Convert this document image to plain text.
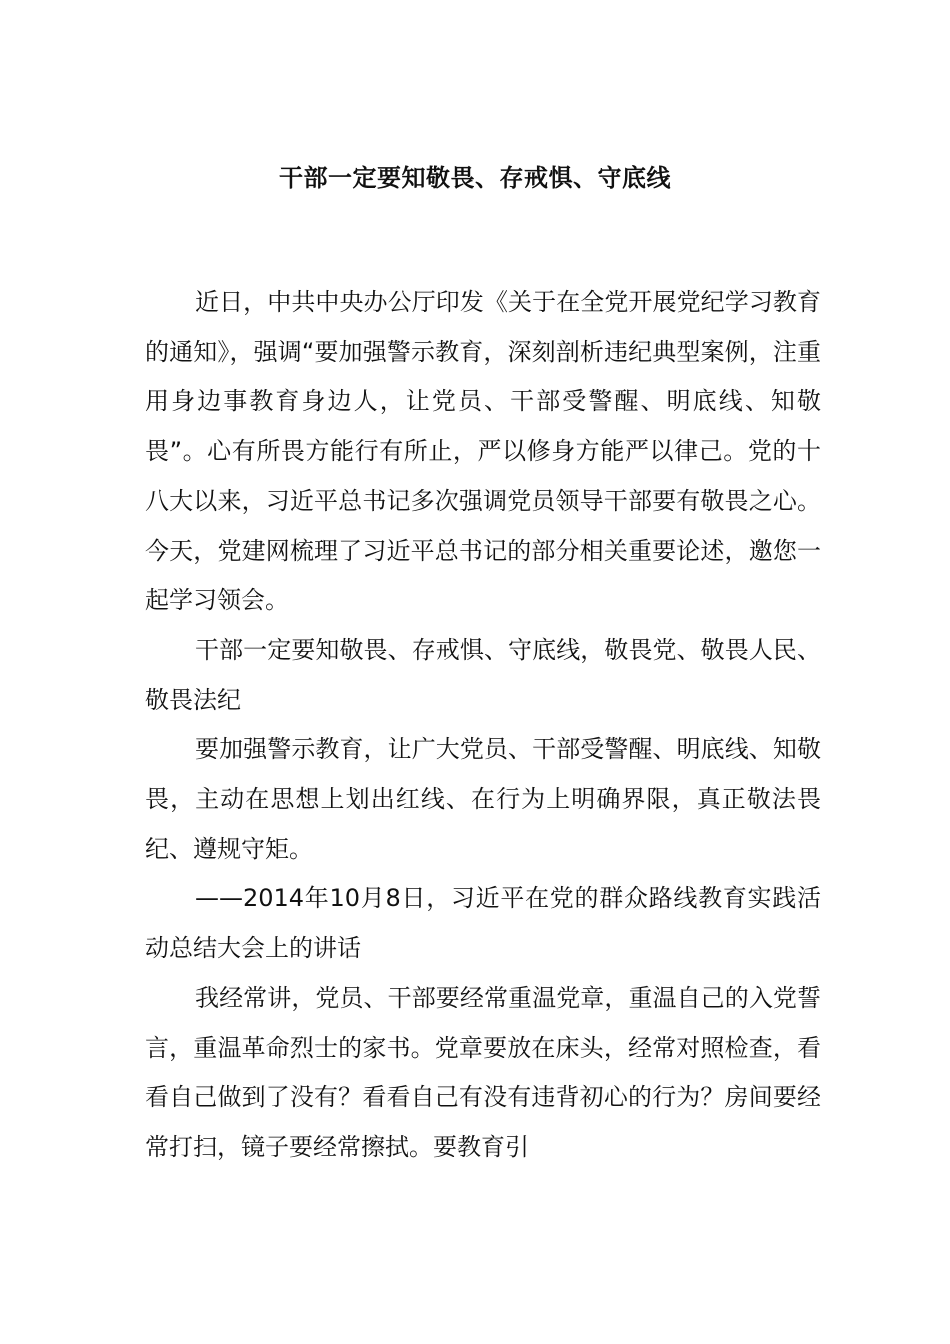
干部一定要知敬畏、存戒惧、守底线

近日，中共中央办公厅印发《关于在全党开展党纪学习教育的通知》，强调“要加强警示教育，深刻剖析违纪典型案例，注重用身边事教育身边人，让党员、干部受警醒、明底线、知敬畏”。心有所畏方能行有所止，严以修身方能严以律己。党的十八大以来，习近平总书记多次强调党员领导干部要有敬畏之心。今天，党建网梳理了习近平总书记的部分相关重要论述，邀您一起学习领会。

干部一定要知敬畏、存戒惧、守底线，敬畏党、敬畏人民、敬畏法纪

要加强警示教育，让广大党员、干部受警醒、明底线、知敬畏，主动在思想上划出红线、在行为上明确界限，真正敬法畏纪、遵规守矩。

——2014年10月8日，习近平在党的群众路线教育实践活动总结大会上的讲话

我经常讲，党员、干部要经常重温党章，重温自己的入党誓言，重温革命烈士的家书。党章要放在床头，经常对照检查，看看自己做到了没有？看看自己有没有违背初心的行为？房间要经常打扫，镜子要经常擦拭。要教育引
